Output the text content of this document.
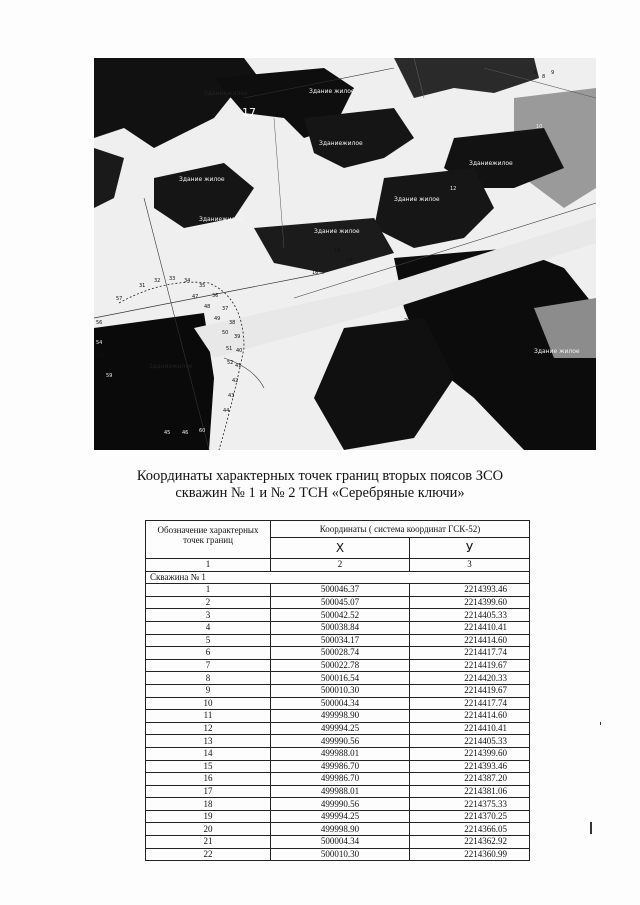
17
Зданиежилое	Здание жилое
Зданиежилое
Здание жилое
Зданиежилое
Здание жилое
Зданиежилое
Здание жилое
Здание жилое
Зданиежилое
6
8
9
10
12
14
16
18
20
54
55
56
57
59
60
31
32 33 34
35
36
37
38
39
40
41
42
43
44
45 46
47
48
49
50
51
52
Координаты характерных точек границ вторых поясов ЗСО
скважин № 1 и № 2 ТСН «Серебряные ключи»
Обозначение характерных точек границ	Координаты ( система координат ГСК-52)	
	X	У
1	2	3
Скважина № 1		
1	500046.37	2214393.46
2	500045.07	2214399.60
3	500042.52	2214405.33
4	500038.84	2214410.41
5	500034.17	2214414.60
6	500028.74	2214417.74
7	500022.78	2214419.67
8	500016.54	2214420.33
9	500010.30	2214419.67
10	500004.34	2214417.74
11	499998.90	2214414.60
12	499994.25	2214410.41
13	499990.56	2214405.33
14	499988.01	2214399.60
15	499986.70	2214393.46
16	499986.70	2214387.20
17	499988.01	2214381.06
18	499990.56	2214375.33
19	499994.25	2214370.25
20	499998.90	2214366.05
21	500004.34	2214362.92
22	500010.30	2214360.99
